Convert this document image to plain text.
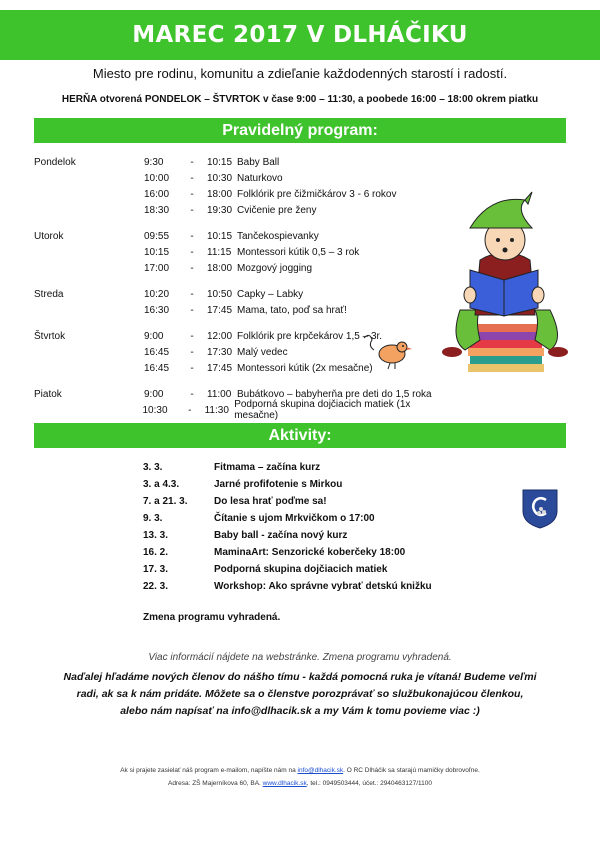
MAREC 2017 V DLHÁČIKU
Miesto pre rodinu, komunitu a zdieľanie každodenných starostí i radostí.
HERŇA otvorená PONDELOK – ŠTVRTOK v čase 9:00 – 11:30, a poobede 16:00 – 18:00 okrem piatku
Pravidelný program:
Pondelok	9:30	-	10:15 Baby Ball
10:00	-	10:30 Naturkovo
16:00	-	18:00 Folklórik pre čižmičkárov 3 - 6 rokov
18:30	-	19:30 Cvičenie pre ženy
Utorok	09:55	-	10:15 Tančekospievanky
10:15	-	11:15 Montessori kútik 0,5 – 3 rok
17:00	-	18:00 Mozgový jogging
Streda	10:20	-	10:50 Capky – Labky
16:30	-	17:45 Mama, tato, poď sa hrať!
Štvrtok	9:00	-	12:00 Folklórik pre krpčekárov 1,5 – 3r.
16:45	-	17:30 Malý vedec
16:45	-	17:45 Montessori kútik (2x mesačne)
Piatok	9:00	-	11:00 Bubátkovo – babyherňa pre deti do 1,5 roka
10:30	-	11:30 Podporná skupina dojčiacich matiek (1x mesačne)
Aktivity:
3. 3.	Fitmama – začína kurz
3. a 4.3.	Jarné profifotenie s Mirkou
7. a 21. 3.	Do lesa hrať poďme sa!
9. 3.	Čítanie s ujom Mrkvičkom o 17:00
13. 3.	Baby ball - začína nový kurz
16. 2.	MaminaArt: Senzorické koberčeky 18:00
17. 3.	Podporná skupina dojčiacich matiek
22. 3.	Workshop: Ako správne vybrať detskú knižku
Zmena programu vyhradená.
Viac informácií nájdete na webstránke. Zmena programu vyhradená.
Naďalej hľadáme nových členov do nášho tímu - každá pomocná ruka je vítaná! Budeme veľmi
radi, ak sa k nám pridáte. Môžete sa o členstve porozprávať so službukonajúcou členkou,
alebo nám napísať na info@dlhacik.sk a my Vám k tomu povieme viac :)
Ak si prajete zasielať náš program e-mailom, napíšte nám na info@dlhacik.sk. O RC Dlháčik sa starajú mamičky dobrovoľne.
Adresa: ZŠ Majerníkova 60, BA. www.dlhacik.sk, tel.: 0949503444, účet.: 2940463127/1100
